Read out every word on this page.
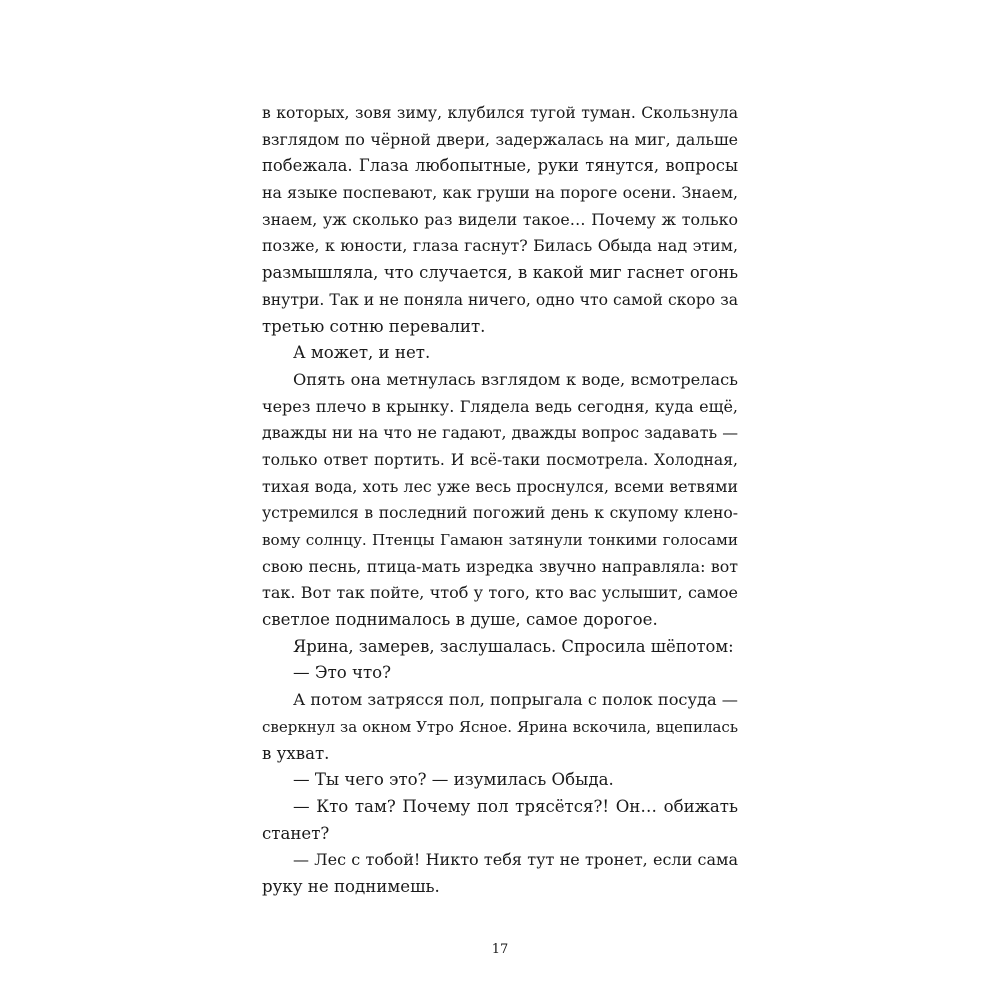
в которых, зовя зиму, клубился тугой туман. Скользнула
взглядом по чёрной двери, задержалась на миг, дальше
побежала. Глаза любопытные, руки тянутся, вопросы
на языке поспевают, как груши на пороге осени. Знаем,
знаем, уж сколько раз видели такое… Почему ж только
позже, к юности, глаза гаснут? Билась Обыда над этим,
размышляла, что случается, в какой миг гаснет огонь
внутри. Так и не поняла ничего, одно что самой скоро за
третью сотню перевалит.
А может, и нет.
Опять она метнулась взглядом к воде, всмотрелась
через плечо в крынку. Глядела ведь сегодня, куда ещё,
дважды ни на что не гадают, дважды вопрос задавать —
только ответ портить. И всё-таки посмотрела. Холодная,
тихая вода, хоть лес уже весь проснулся, всеми ветвями
устремился в последний погожий день к скупому клено-
вому солнцу. Птенцы Гамаюн затянули тонкими голосами
свою песнь, птица-мать изредка звучно направляла: вот
так. Вот так пойте, чтоб у того, кто вас услышит, самое
светлое поднималось в душе, самое дорогое.
Ярина, замерев, заслушалась. Спросила шёпотом:
— Это что?
А потом затрясся пол, попрыгала с полок посуда —
сверкнул за окном Утро Ясное. Ярина вскочила, вцепилась
в ухват.
— Ты чего это? — изумилась Обыда.
— Кто там? Почему пол трясётся?! Он… обижать
станет?
— Лес с тобой! Никто тебя тут не тронет, если сама
руку не поднимешь.
17
